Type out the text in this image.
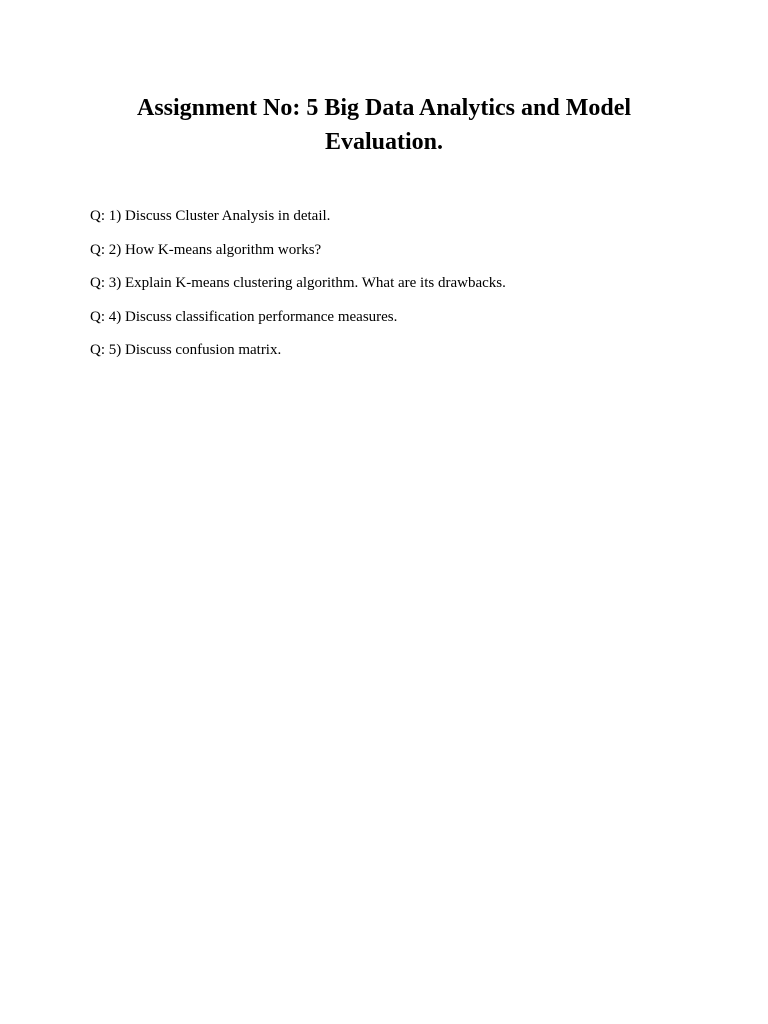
Assignment No: 5 Big Data Analytics and Model Evaluation.
Q: 1) Discuss Cluster Analysis in detail.
Q: 2) How K-means algorithm works?
Q: 3) Explain K-means clustering algorithm. What are its drawbacks.
Q: 4) Discuss classification performance measures.
Q: 5) Discuss confusion matrix.
